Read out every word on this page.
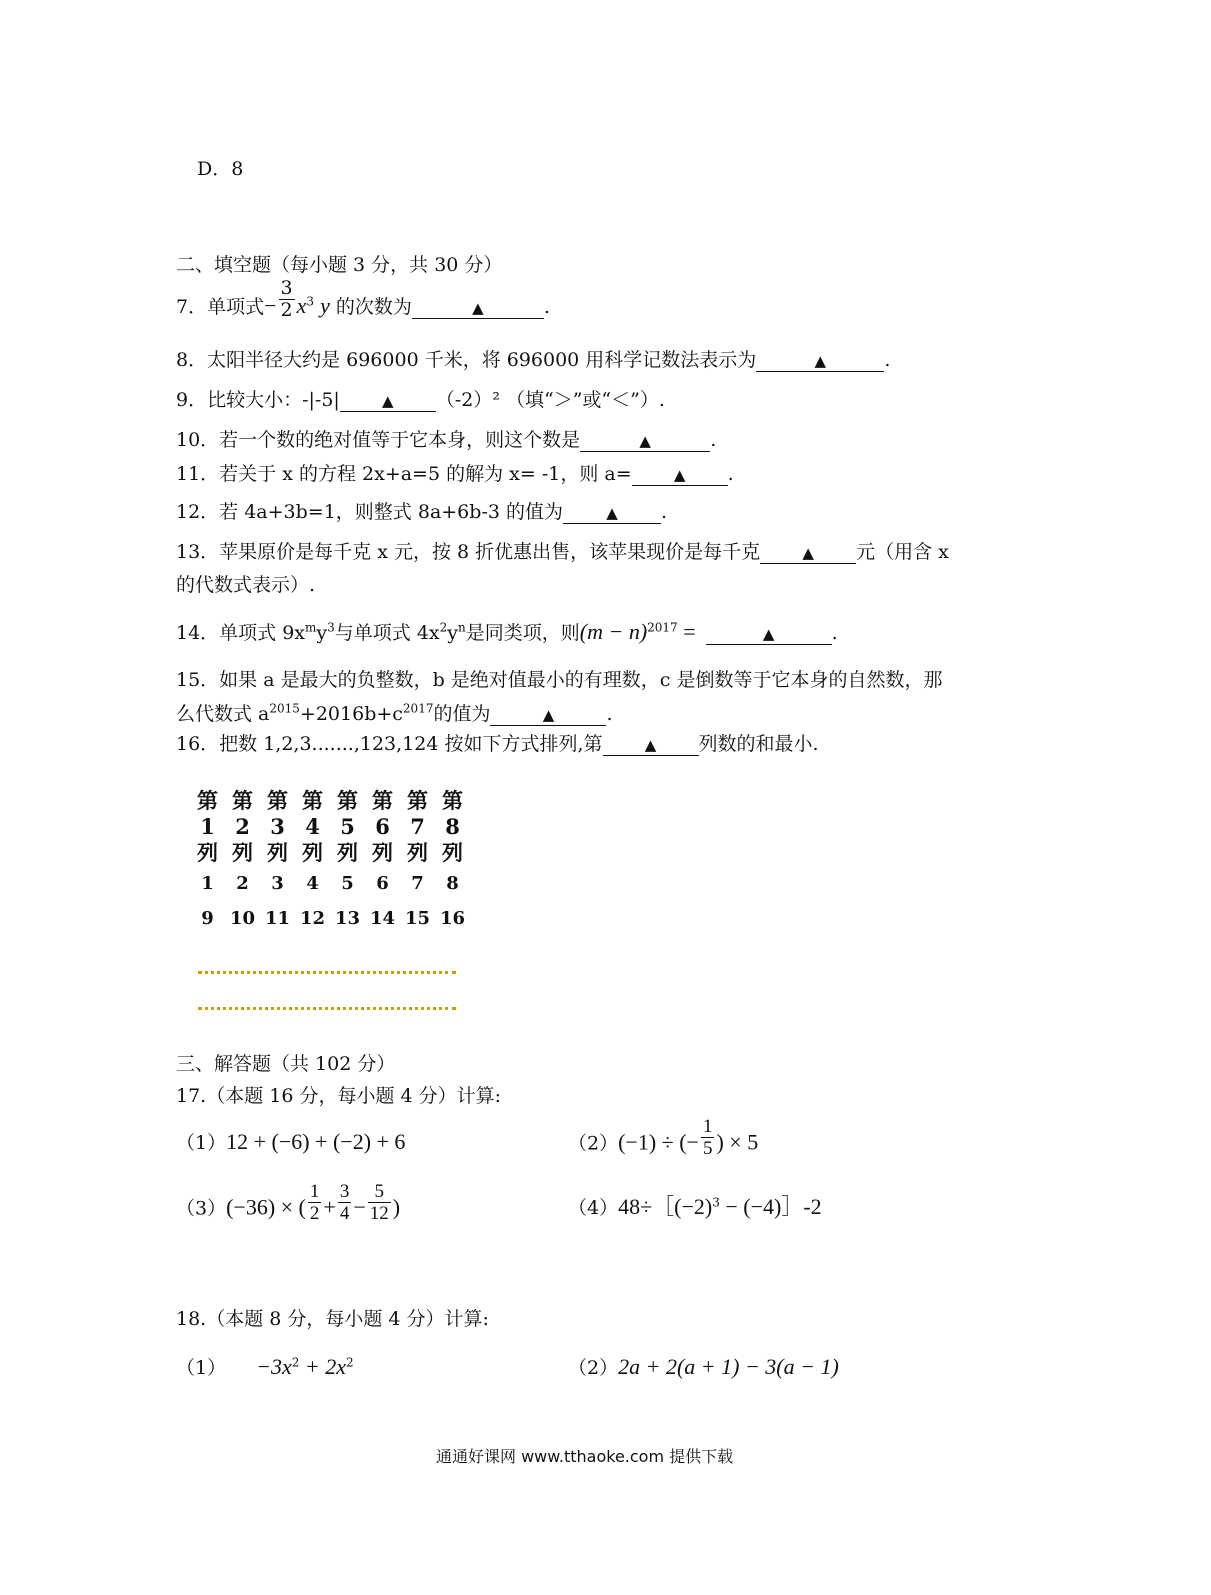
D．8
二、填空题（每小题 3 分，共 30 分）
7．单项式− $\frac{3}{2} x^3$ y 的次数为	▲	.
8．太阳半径大约是 696000 千米，将 696000 用科学记数法表示为	▲	.
9．比较大小：-|-5|	▲ （-2）² （填“＞”或“＜”）.
10．若一个数的绝对值等于它本身，则这个数是	▲	.
11．若关于 x 的方程 2x+a=5 的解为 x= -1，则 a=	▲ .
12．若 4a+3b=1，则整式 8a+6b-3 的值为	▲ .
13．苹果原价是每千克 x 元，按 8 折优惠出售，该苹果现价是每千克	▲ 元（用含 x
的代数式表示）.
14．单项式 $9x^my^3$与单项式 $4x^2y^n$是同类项，则$(m - n)^{2017}$ =	▲	.
15．如果 a 是最大的负整数，b 是绝对值最小的有理数，c 是倒数等于它本身的自然数，那
么代数式 $a^{2015}+2016b+c^{2017}$的值为	▲	.
16．把数 1,2,3.......,123,124 按如下方式排列,第	▲ 列数的和最小.
第	第	第	第	第	第	第	第
1	2	3	4	5	6	7	8
列	列	列	列	列	列	列	列
1	2	3	4	5	6	7	8
9	10	11	12	13	14	15	16
三、解答题（共 102 分）
17.（本题 16 分，每小题 4 分）计算:
（1）12 + (−6) + (−2) + 6	（2）(−1) ÷ (− $\frac{1}{5}$ ) × 5
（3）(−36) × ( $\frac{1}{2} + \frac{3}{4} - \frac{5}{12}$ )	$(4)48\div[(-2)^3$ − (−4)］-2
18.（本题 8 分，每小题 4 分）计算:
$(1) -3x^2 + 2x^2$	（2）2a + 2(a + 1) − 3(a − 1)
通通好课网 www.tthaoke.com 提供下载
